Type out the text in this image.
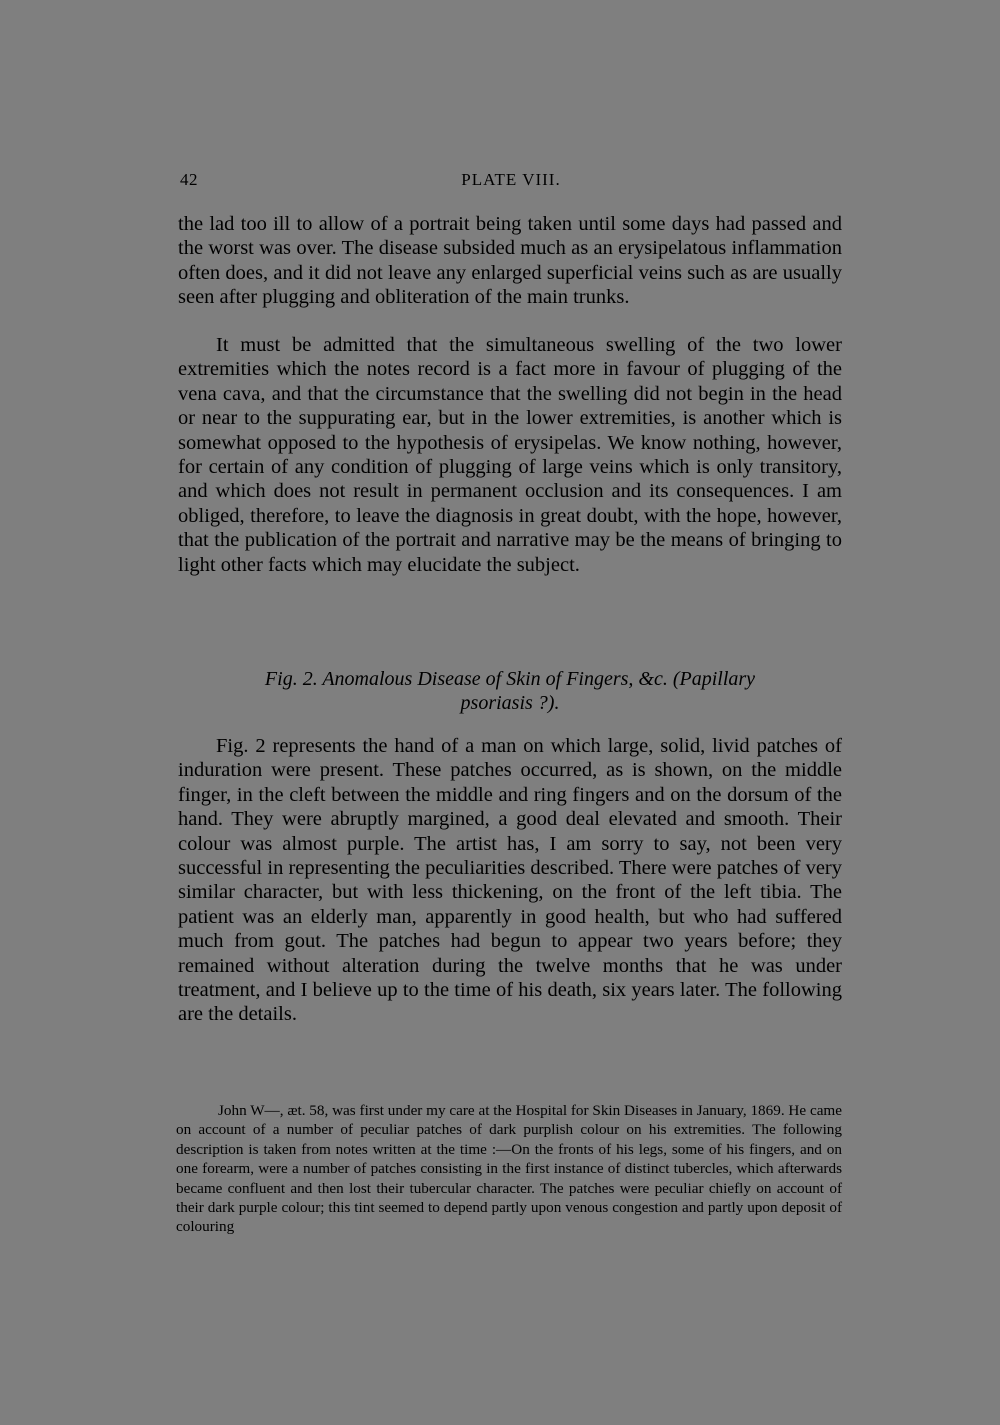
42	PLATE VIII.

the lad too ill to allow of a portrait being taken until some days had passed and the worst was over. The disease subsided much as an erysipelatous inflammation often does, and it did not leave any enlarged superficial veins such as are usually seen after plugging and obliteration of the main trunks.

It must be admitted that the simultaneous swelling of the two lower extremities which the notes record is a fact more in favour of plugging of the vena cava, and that the circumstance that the swelling did not begin in the head or near to the suppurating ear, but in the lower extremities, is another which is somewhat opposed to the hypothesis of erysipelas. We know nothing, however, for certain of any condition of plugging of large veins which is only transitory, and which does not result in permanent occlusion and its consequences. I am obliged, therefore, to leave the diagnosis in great doubt, with the hope, however, that the publication of the portrait and narrative may be the means of bringing to light other facts which may elucidate the subject.

Fig. 2. Anomalous Disease of Skin of Fingers, &c. (Papillary
psoriasis ?).

Fig. 2 represents the hand of a man on which large, solid, livid patches of induration were present. These patches occurred, as is shown, on the middle finger, in the cleft between the middle and ring fingers and on the dorsum of the hand. They were abruptly margined, a good deal elevated and smooth. Their colour was almost purple. The artist has, I am sorry to say, not been very successful in representing the peculiarities described. There were patches of very similar character, but with less thickening, on the front of the left tibia. The patient was an elderly man, apparently in good health, but who had suffered much from gout. The patches had begun to appear two years before; they remained without alteration during the twelve months that he was under treatment, and I believe up to the time of his death, six years later. The following are the details.

John W—, æt. 58, was first under my care at the Hospital for Skin Diseases in January, 1869. He came on account of a number of peculiar patches of dark purplish colour on his extremities. The following description is taken from notes written at the time :—On the fronts of his legs, some of his fingers, and on one forearm, were a number of patches consisting in the first instance of distinct tubercles, which afterwards became confluent and then lost their tubercular character. The patches were peculiar chiefly on account of their dark purple colour; this tint seemed to depend partly upon venous congestion and partly upon deposit of colouring
